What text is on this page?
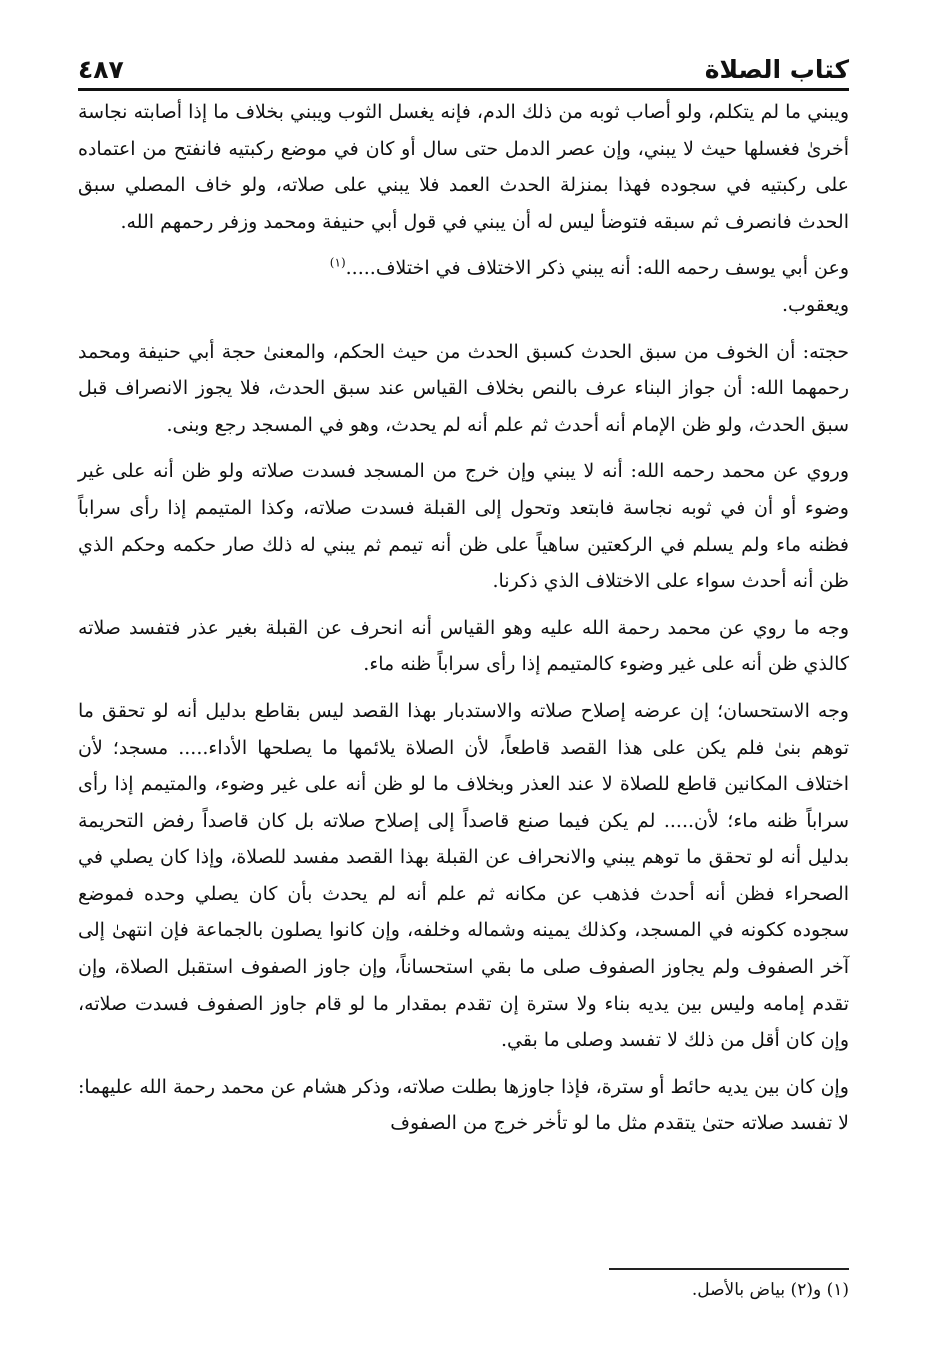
كتاب الصلاة
٤٨٧

ويبني ما لم يتكلم، ولو أصاب ثوبه من ذلك الدم، فإنه يغسل الثوب ويبني بخلاف ما إذا أصابته نجاسة أخرىٰ فغسلها حيث لا يبني، وإن عصر الدمل حتى سال أو كان في موضع ركبتيه فانفتح من اعتماده على ركبتيه في سجوده فهذا بمنزلة الحدث العمد فلا يبني على صلاته، ولو خاف المصلي سبق الحدث فانصرف ثم سبقه فتوضأ ليس له أن يبني في قول أبي حنيفة ومحمد وزفر رحمهم الله.

وعن أبي يوسف رحمه الله: أنه يبني ذكر الاختلاف في اختلاف.....$^{(١)}$

ويعقوب.

حجته: أن الخوف من سبق الحدث كسبق الحدث من حيث الحكم، والمعنىٰ حجة أبي حنيفة ومحمد رحمهما الله: أن جواز البناء عرف بالنص بخلاف القياس عند سبق الحدث، فلا يجوز الانصراف قبل سبق الحدث، ولو ظن الإمام أنه أحدث ثم علم أنه لم يحدث، وهو في المسجد رجع وبنى.

وروي عن محمد رحمه الله: أنه لا يبني وإن خرج من المسجد فسدت صلاته ولو ظن أنه على غير وضوء أو أن في ثوبه نجاسة فابتعد وتحول إلى القبلة فسدت صلاته، وكذا المتيمم إذا رأى سراباً فظنه ماء ولم يسلم في الركعتين ساهياً على ظن أنه تيمم ثم يبني له ذلك صار حكمه وحكم الذي ظن أنه أحدث سواء على الاختلاف الذي ذكرنا.

وجه ما روي عن محمد رحمة الله عليه وهو القياس أنه انحرف عن القبلة بغير عذر فتفسد صلاته كالذي ظن أنه على غير وضوء كالمتيمم إذا رأى سراباً ظنه ماء.

وجه الاستحسان؛ إن عرضه إصلاح صلاته والاستدبار بهذا القصد ليس بقاطع بدليل أنه لو تحقق ما توهم بنىٰ فلم يكن على هذا القصد قاطعاً، لأن الصلاة يلائمها ما يصلحها الأداء..... مسجد؛ لأن اختلاف المكانين قاطع للصلاة لا عند العذر وبخلاف ما لو ظن أنه على غير وضوء، والمتيمم إذا رأى سراباً ظنه ماء؛ لأن..... لم يكن فيما صنع قاصداً إلى إصلاح صلاته بل كان قاصداً رفض التحريمة بدليل أنه لو تحقق ما توهم يبني والانحراف عن القبلة بهذا القصد مفسد للصلاة، وإذا كان يصلي في الصحراء فظن أنه أحدث فذهب عن مكانه ثم علم أنه لم يحدث بأن كان يصلي وحده فموضع سجوده ككونه في المسجد، وكذلك يمينه وشماله وخلفه، وإن كانوا يصلون بالجماعة فإن انتهىٰ إلى آخر الصفوف ولم يجاوز الصفوف صلى ما بقي استحساناً، وإن جاوز الصفوف استقبل الصلاة، وإن تقدم إمامه وليس بين يديه بناء ولا سترة إن تقدم بمقدار ما لو قام جاوز الصفوف فسدت صلاته، وإن كان أقل من ذلك لا تفسد وصلى ما بقي.

وإن كان بين يديه حائط أو سترة، فإذا جاوزها بطلت صلاته، وذكر هشام عن محمد رحمة الله عليهما: لا تفسد صلاته حتىٰ يتقدم مثل ما لو تأخر خرج من الصفوف

(١) و(٢) بياض بالأصل.
